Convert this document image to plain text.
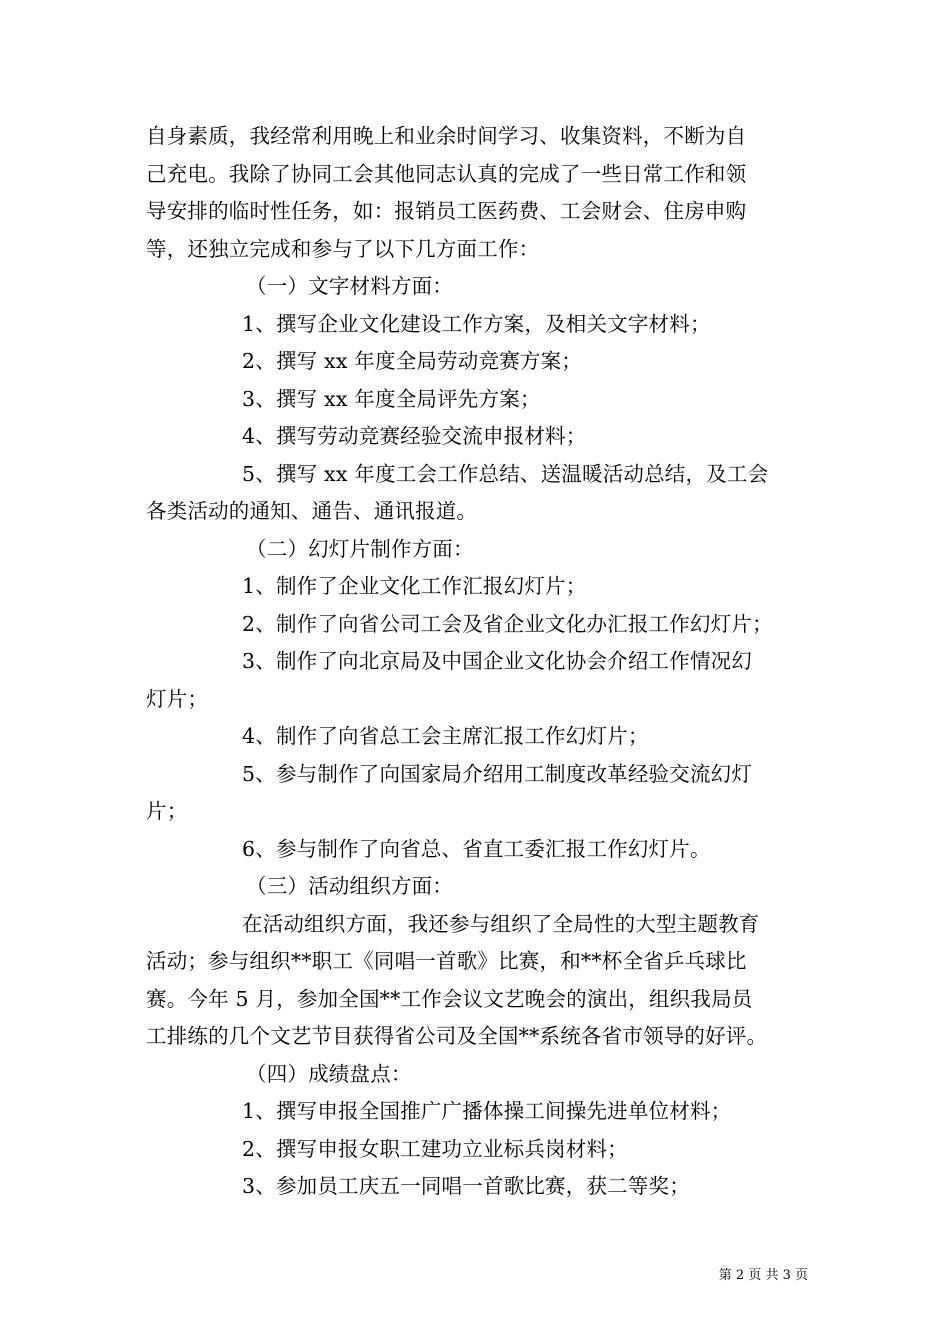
自身素质，我经常利用晚上和业余时间学习、收集资料，不断为自
己充电。我除了协同工会其他同志认真的完成了一些日常工作和领
导安排的临时性任务，如：报销员工医药费、工会财会、住房申购
等，还独立完成和参与了以下几方面工作：
（一）文字材料方面：
1、撰写企业文化建设工作方案，及相关文字材料；
2、撰写 xx 年度全局劳动竞赛方案；
3、撰写 xx 年度全局评先方案；
4、撰写劳动竞赛经验交流申报材料；
5、撰写 xx 年度工会工作总结、送温暖活动总结，及工会
各类活动的通知、通告、通讯报道。
（二）幻灯片制作方面：
1、制作了企业文化工作汇报幻灯片；
2、制作了向省公司工会及省企业文化办汇报工作幻灯片；
3、制作了向北京局及中国企业文化协会介绍工作情况幻
灯片；
4、制作了向省总工会主席汇报工作幻灯片；
5、参与制作了向国家局介绍用工制度改革经验交流幻灯
片；
6、参与制作了向省总、省直工委汇报工作幻灯片。
（三）活动组织方面：
在活动组织方面，我还参与组织了全局性的大型主题教育
活动；参与组织**职工《同唱一首歌》比赛，和**杯全省乒乓球比
赛。今年 5 月，参加全国**工作会议文艺晚会的演出，组织我局员
工排练的几个文艺节目获得省公司及全国**系统各省市领导的好评。
（四）成绩盘点：
1、撰写申报全国推广广播体操工间操先进单位材料；
2、撰写申报女职工建功立业标兵岗材料；
3、参加员工庆五一同唱一首歌比赛，获二等奖；
第 2 页 共 3 页
